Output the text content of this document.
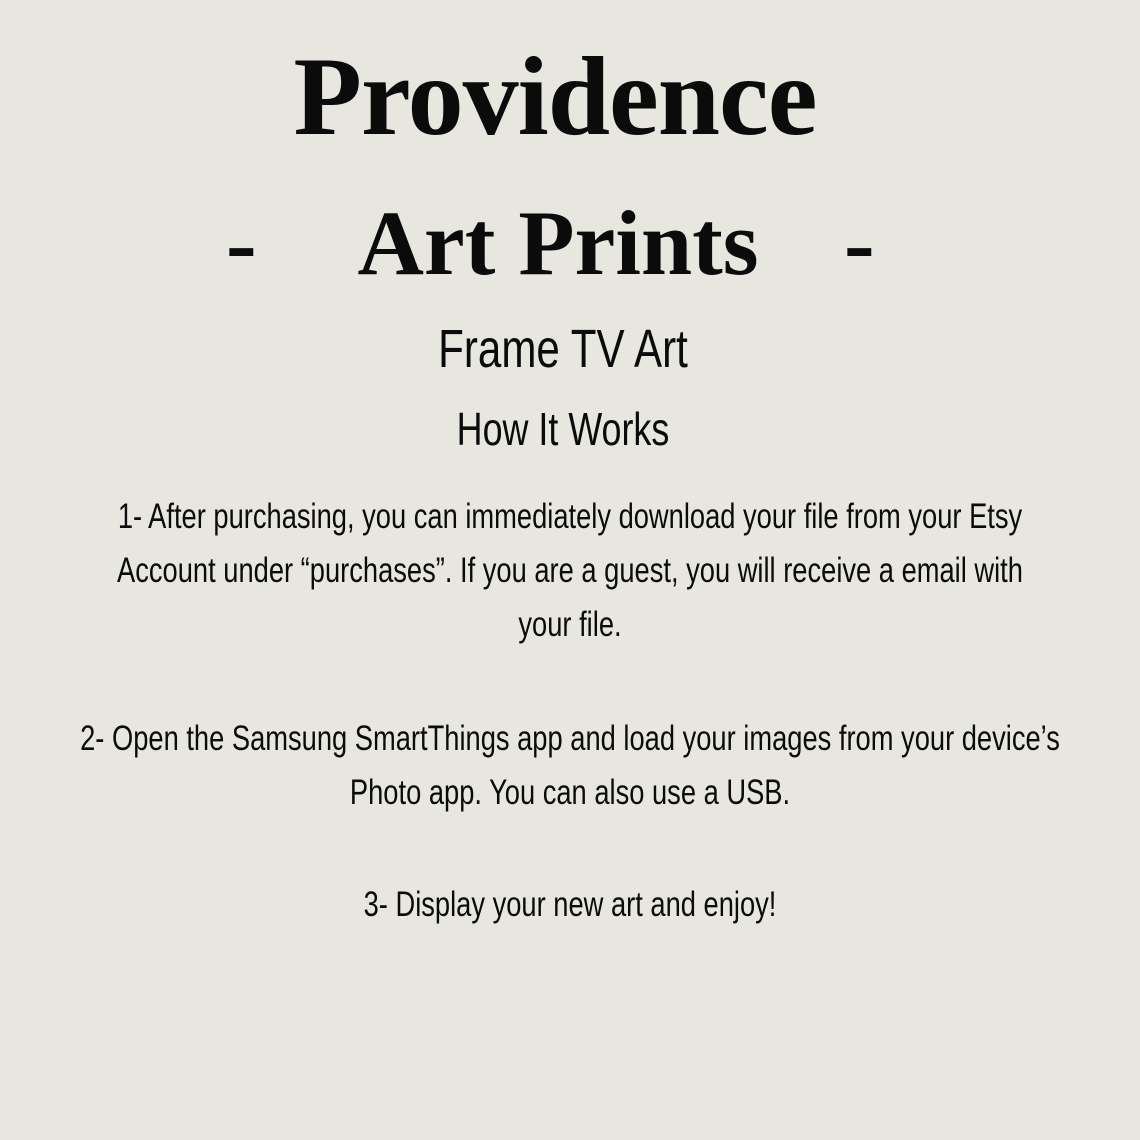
Providence
-	Art Prints -
Frame TV Art
How It Works

1- After purchasing, you can immediately download your file from your Etsy
Account under “purchases”. If you are a guest, you will receive a email with
your file.

2- Open the Samsung SmartThings app and load your images from your device’s
Photo app. You can also use a USB.

3- Display your new art and enjoy!
